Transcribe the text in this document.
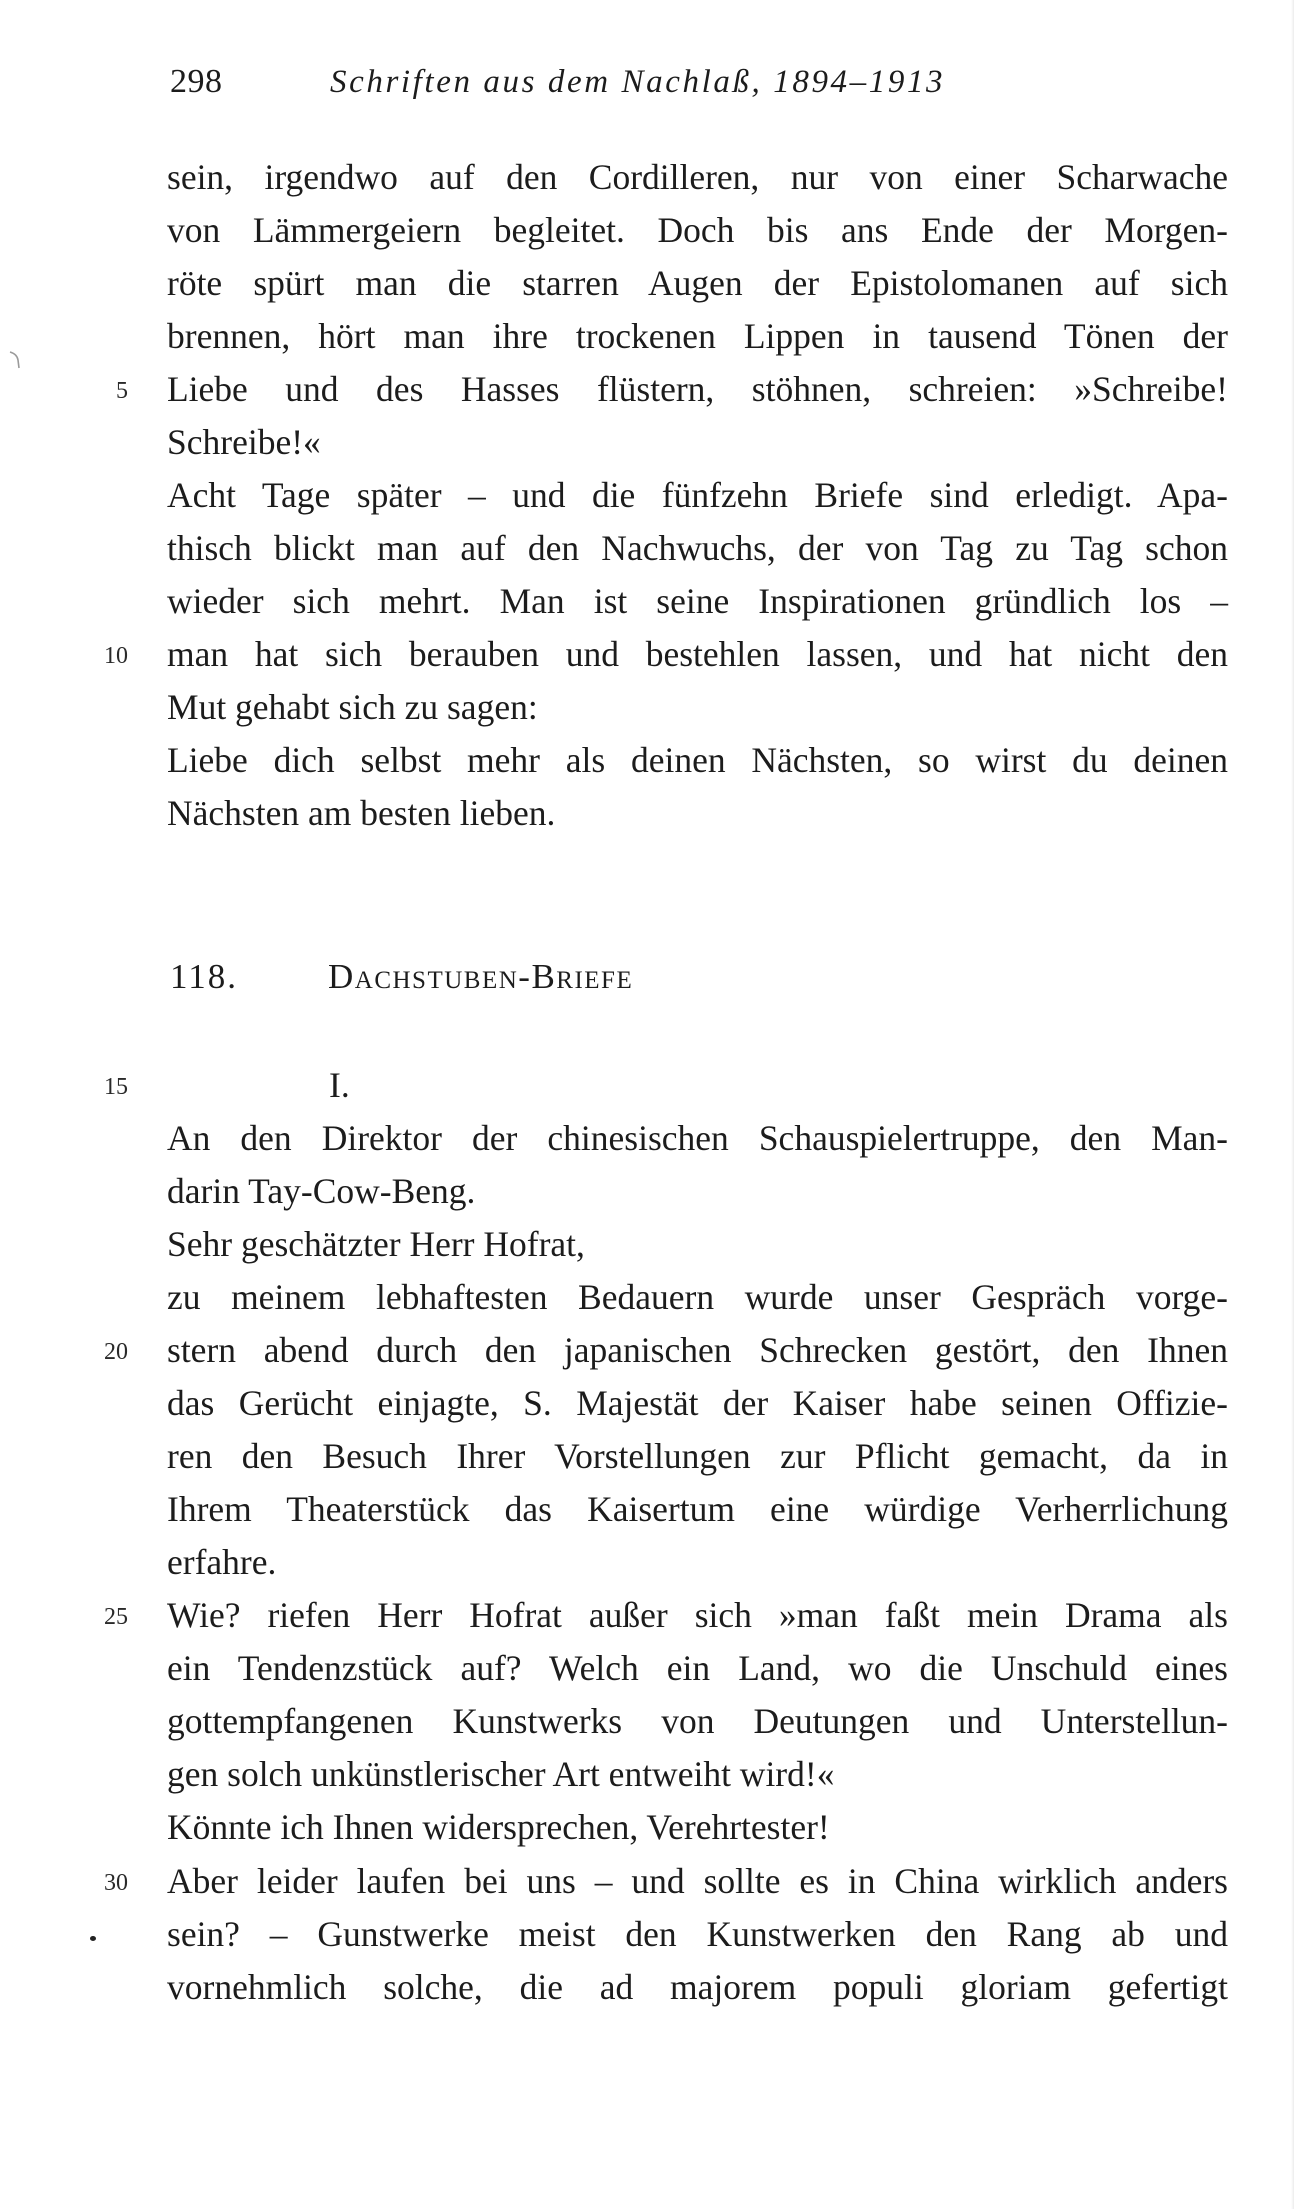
298	Schriften aus dem Nachlaß, 1894–1913
sein, irgendwo auf den Cordilleren, nur von einer Scharwache
von Lämmergeiern begleitet. Doch bis ans Ende der Morgen-
röte spürt man die starren Augen der Epistolomanen auf sich
brennen, hört man ihre trockenen Lippen in tausend Tönen der
Liebe und des Hasses flüstern, stöhnen, schreien: »Schreibe!
Schreibe!«
Acht Tage später – und die fünfzehn Briefe sind erledigt. Apa-
thisch blickt man auf den Nachwuchs, der von Tag zu Tag schon
wieder sich mehrt. Man ist seine Inspirationen gründlich los –
man hat sich berauben und bestehlen lassen, und hat nicht den
Mut gehabt sich zu sagen:
Liebe dich selbst mehr als deinen Nächsten, so wirst du deinen
Nächsten am besten lieben.
118.	Dachstuben-Briefe
I.
An den Direktor der chinesischen Schauspielertruppe, den Man-
darin Tay-Cow-Beng.
Sehr geschätzter Herr Hofrat,
zu meinem lebhaftesten Bedauern wurde unser Gespräch vorge-
stern abend durch den japanischen Schrecken gestört, den Ihnen
das Gerücht einjagte, S. Majestät der Kaiser habe seinen Offizie-
ren den Besuch Ihrer Vorstellungen zur Pflicht gemacht, da in
Ihrem Theaterstück das Kaisertum eine würdige Verherrlichung
erfahre.
Wie? riefen Herr Hofrat außer sich »man faßt mein Drama als
ein Tendenzstück auf? Welch ein Land, wo die Unschuld eines
gottempfangenen Kunstwerks von Deutungen und Unterstellun-
gen solch unkünstlerischer Art entweiht wird!«
Könnte ich Ihnen widersprechen, Verehrtester!
Aber leider laufen bei uns – und sollte es in China wirklich anders
sein? – Gunstwerke meist den Kunstwerken den Rang ab und
vornehmlich solche, die ad majorem populi gloriam gefertigt
5
10
15
20
25
30
